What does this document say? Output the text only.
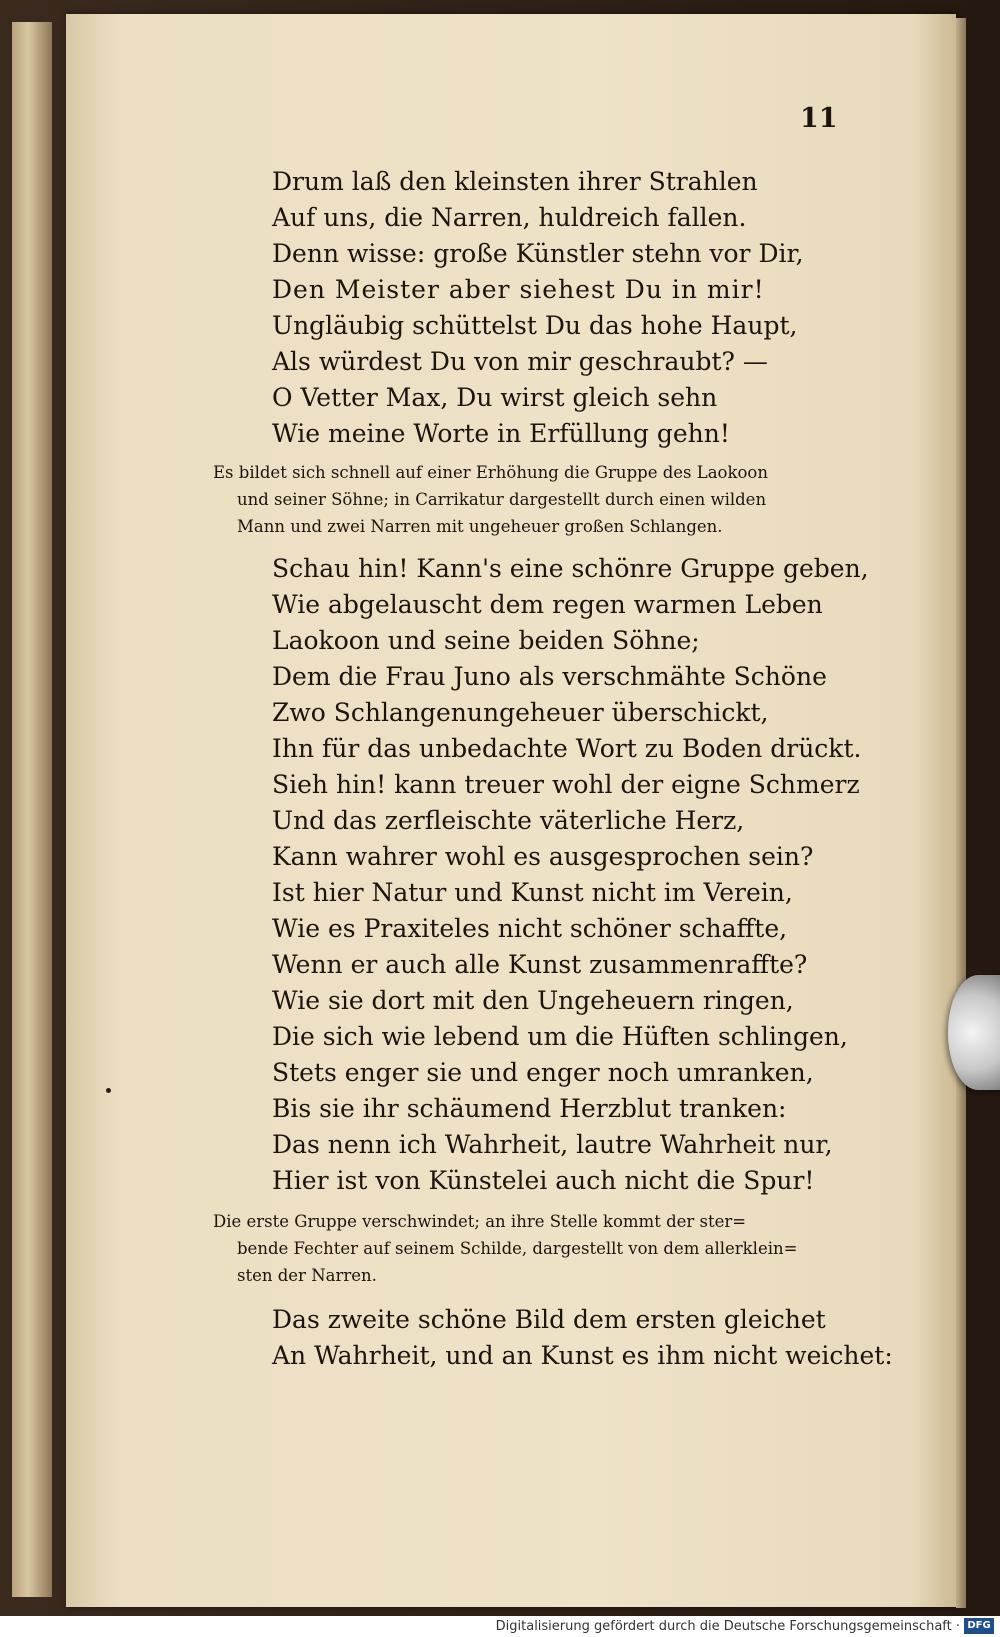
11
Drum laß den kleinsten ihrer Strahlen
Auf uns, die Narren, huldreich fallen.
Denn wisse: große Künstler stehn vor Dir,
Den Meister aber siehest Du in mir!
Ungläubig schüttelst Du das hohe Haupt,
Als würdest Du von mir geschraubt? —
O Vetter Max, Du wirst gleich sehn
Wie meine Worte in Erfüllung gehn!
Es bildet sich schnell auf einer Erhöhung die Gruppe des Laokoon
und seiner Söhne; in Carrikatur dargestellt durch einen wilden
Mann und zwei Narren mit ungeheuer großen Schlangen.
Schau hin! Kann's eine schönre Gruppe geben,
Wie abgelauscht dem regen warmen Leben
Laokoon und seine beiden Söhne;
Dem die Frau Juno als verschmähte Schöne
Zwo Schlangenungeheuer überschickt,
Ihn für das unbedachte Wort zu Boden drückt.
Sieh hin! kann treuer wohl der eigne Schmerz
Und das zerfleischte väterliche Herz,
Kann wahrer wohl es ausgesprochen sein?
Ist hier Natur und Kunst nicht im Verein,
Wie es Praxiteles nicht schöner schaffte,
Wenn er auch alle Kunst zusammenraffte?
Wie sie dort mit den Ungeheuern ringen,
Die sich wie lebend um die Hüften schlingen,
Stets enger sie und enger noch umranken,
Bis sie ihr schäumend Herzblut tranken:
Das nenn ich Wahrheit, lautre Wahrheit nur,
Hier ist von Künstelei auch nicht die Spur!
Die erste Gruppe verschwindet; an ihre Stelle kommt der ster=
bende Fechter auf seinem Schilde, dargestellt von dem allerklein=
sten der Narren.
Das zweite schöne Bild dem ersten gleichet
An Wahrheit, und an Kunst es ihm nicht weichet:
Digitalisierung gefördert durch die Deutsche Forschungsgemeinschaft · DFG
